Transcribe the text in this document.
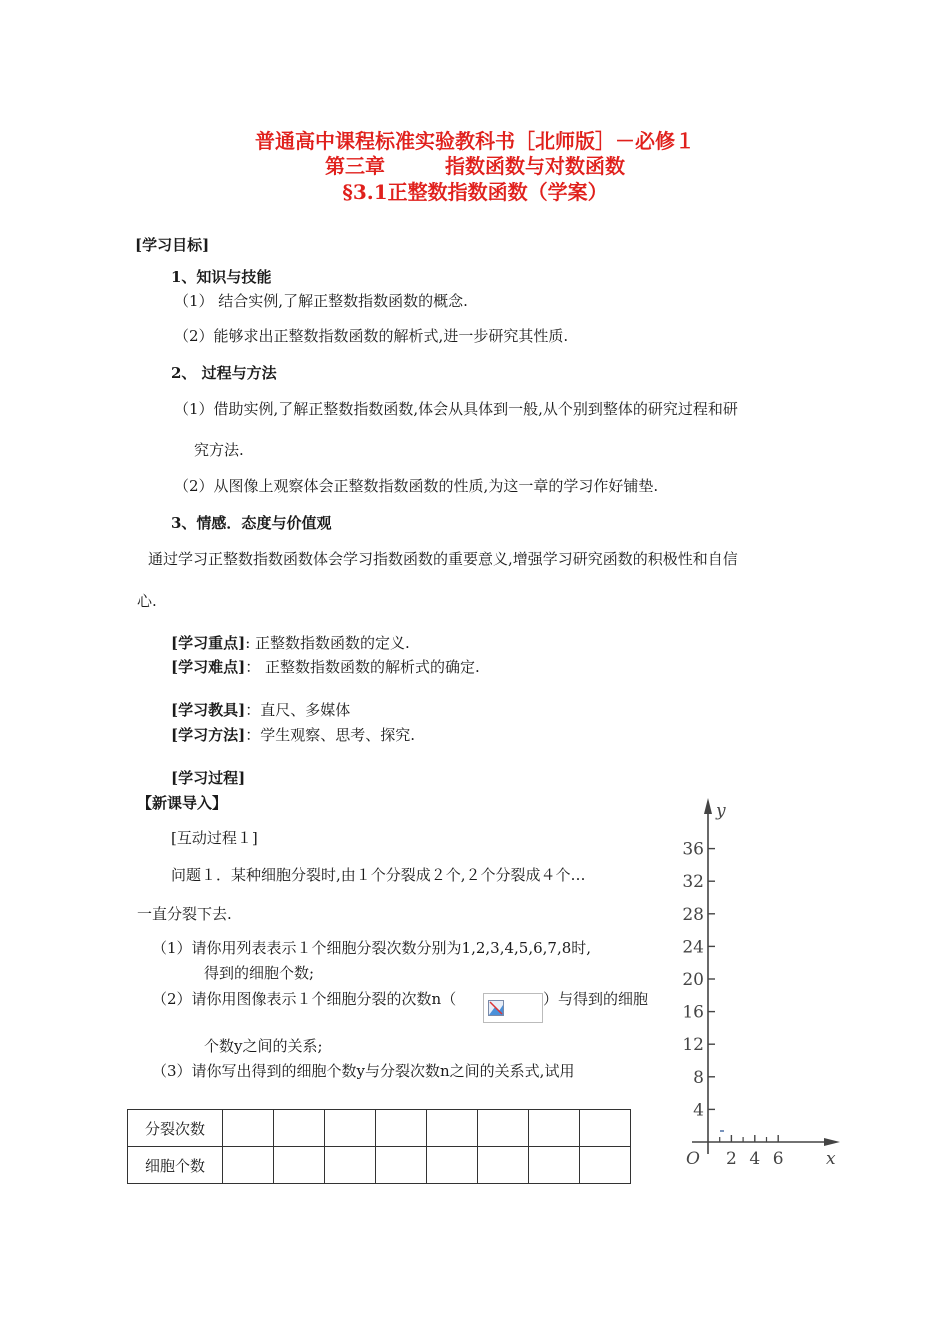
普通高中课程标准实验教科书［北师版］－必修１
第三章	指数函数与对数函数
§3.1正整数指数函数（学案）
[学习目标]
1、知识与技能
（1） 结合实例,了解正整数指数函数的概念.
（2）能够求出正整数指数函数的解析式,进一步研究其性质.
2、 过程与方法
（1）借助实例,了解正整数指数函数,体会从具体到一般,从个别到整体的研究过程和研
究方法.
（2）从图像上观察体会正整数指数函数的性质,为这一章的学习作好铺垫.
3、情感．态度与价值观
通过学习正整数指数函数体会学习指数函数的重要意义,增强学习研究函数的积极性和自信
心.
[学习重点]: 正整数指数函数的定义.
[学习难点]： 正整数指数函数的解析式的确定.
[学习教具]：直尺、多媒体
[学习方法]：学生观察、思考、探究.
[学习过程]
【新课导入】
[互动过程１]
问题１．某种细胞分裂时,由１个分裂成２个,２个分裂成４个…
一直分裂下去.
（1）请你用列表表示１个细胞分裂次数分别为1,2,3,4,5,6,7,8时,
得到的细胞个数;
（2）请你用图像表示１个细胞分裂的次数n（	）与得到的细胞
个数y之间的关系;
（3）请你写出得到的细胞个数y与分裂次数n之间的关系式,试用
分裂次数								
细胞个数								
y
x
O
36
32
28
24
20
16
12
8
4
2 4 6
